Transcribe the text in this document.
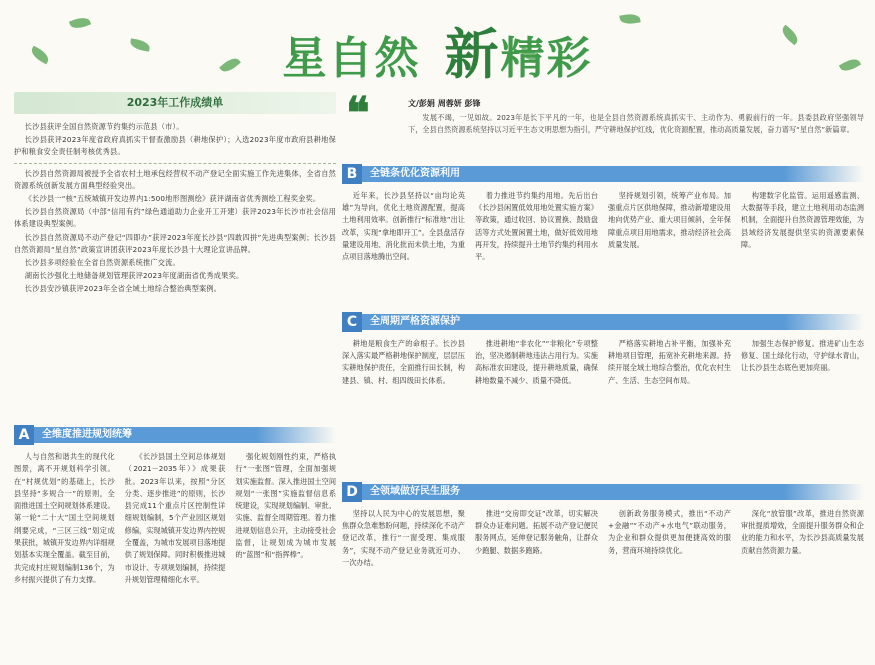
星自然 新精彩
2023年工作成绩单

长沙县获评全国自然资源节约集约示范县（市）。

长沙县获评2023年度省政府真抓实干督查激励县（耕地保护）；入选2023年度市政府县耕地保护和粮食安全责任制考核优秀县。

长沙县自然资源局被授予全省农村土地承包经营权不动产登记全面实施工作先进集体，全省自然资源系统创新发展方面典型经验突出。

《长沙县一“核”五统城镇开发边界内1:500地形图测绘》获评湖南省优秀测绘工程奖金奖。

长沙县自然资源局（中部“信用有约”绿色通道助力企业开工开建）获评2023年长沙市社会信用体系建设典型案例。

长沙县自然资源局不动产登记“四即办”获评2023年度长沙县“四敢四拼”先进典型案例；长沙县自然资源局“星自然”政策宣讲团获评2023年度长沙县十大理论宣讲品牌。

长沙县多项经验在全省自然资源系统推广交流。

湖南长沙强化土地储备规划管理获评2023年度湖南省优秀成果奖。

长沙县安沙镇获评2023年全省全域土地综合整治典型案例。

A	全维度推进规划统筹

人与自然和谐共生的现代化图景，离不开规划科学引领。在“村规优划”的基础上，长沙县坚持“多规合一”的原则，全面推进国土空间规划体系建设。第一轮“二十大”国土空间规划纲要完成，“三区三线”划定成果获批，城镇开发边界内详细规划基本实现全覆盖。截至目前，共完成村庄规划编制136个，为乡村振兴提供了有力支撑。

《长沙县国土空间总体规划（2021－2035年）》成果获批。2023年以来，按照“分区分类、逐步推进”的原则，长沙县完成11个重点片区控制性详细规划编制，5个产业园区规划修编，实现城镇开发边界内控规全覆盖，为城市发展项目落地提供了规划保障。同时积极推进城市设计、专项规划编制，持续提升规划管理精细化水平。

强化规划刚性约束，严格执行“一张图”管理，全面加强规划实施监督。深入推进国土空间规划“一张图”实施监督信息系统建设，实现规划编制、审批、实施、监督全周期管理。着力推进规划信息公开，主动接受社会监督，让规划成为城市发展的“蓝图”和“指挥棒”。

❝	文/彭娟 周蓉妍 彭锋
发展不竭，一见如故。2023年是长下平凡的一年，也是全县自然资源系统真抓实干、主动作为、勇毅前行的一年。县委县政府坚强领导下，全县自然资源系统坚持以习近平生态文明思想为指引，严守耕地保护红线，优化资源配置，推动高质量发展，奋力谱写“星自然”新篇章。
B	全链条优化资源利用

近年来，长沙县坚持以“亩均论英雄”为导向，优化土地资源配置，提高土地利用效率。创新推行“标准地”出让改革，实现“拿地即开工”。全县盘活存量建设用地、消化批而未供土地，为重点项目落地腾出空间。

着力推进节约集约用地。先后出台《长沙县闲置低效用地处置实施方案》等政策，通过收回、协议置换、鼓励盘活等方式处置闲置土地，做好低效用地再开发，持续提升土地节约集约利用水平。

坚持规划引领，统筹产业布局。加强重点片区供地保障，推动新增建设用地向优势产业、重大项目倾斜，全年保障重点项目用地需求，推动经济社会高质量发展。

构建数字化监管。运用遥感监测、大数据等手段，建立土地利用动态监测机制，全面提升自然资源管理效能，为县域经济发展提供坚实的资源要素保障。

C	全周期严格资源保护

耕地是粮食生产的命根子。长沙县深入落实最严格耕地保护制度，层层压实耕地保护责任，全面推行田长制，构建县、镇、村、组四级田长体系。

推进耕地“非农化”“非粮化”专项整治，坚决遏制耕地违法占用行为。实施高标准农田建设，提升耕地质量，确保耕地数量不减少、质量不降低。

严格落实耕地占补平衡，加强补充耕地项目管理，拓宽补充耕地来源。持续开展全域土地综合整治，优化农村生产、生活、生态空间布局。

加强生态保护修复。推进矿山生态修复、国土绿化行动，守护绿水青山，让长沙县生态底色更加亮丽。

D	全领域做好民生服务

坚持以人民为中心的发展思想，聚焦群众急难愁盼问题，持续深化不动产登记改革，推行“一窗受理、集成服务”，实现不动产登记业务就近可办、一次办结。

推进“交房即交证”改革，切实解决群众办证难问题。拓展不动产登记便民服务网点，延伸登记服务触角，让群众少跑腿、数据多跑路。

创新政务服务模式，推出“不动产+金融”“不动产+水电气”联动服务，为企业和群众提供更加便捷高效的服务，营商环境持续优化。

深化“放管服”改革，推进自然资源审批提质增效，全面提升服务群众和企业的能力和水平，为长沙县高质量发展贡献自然资源力量。
